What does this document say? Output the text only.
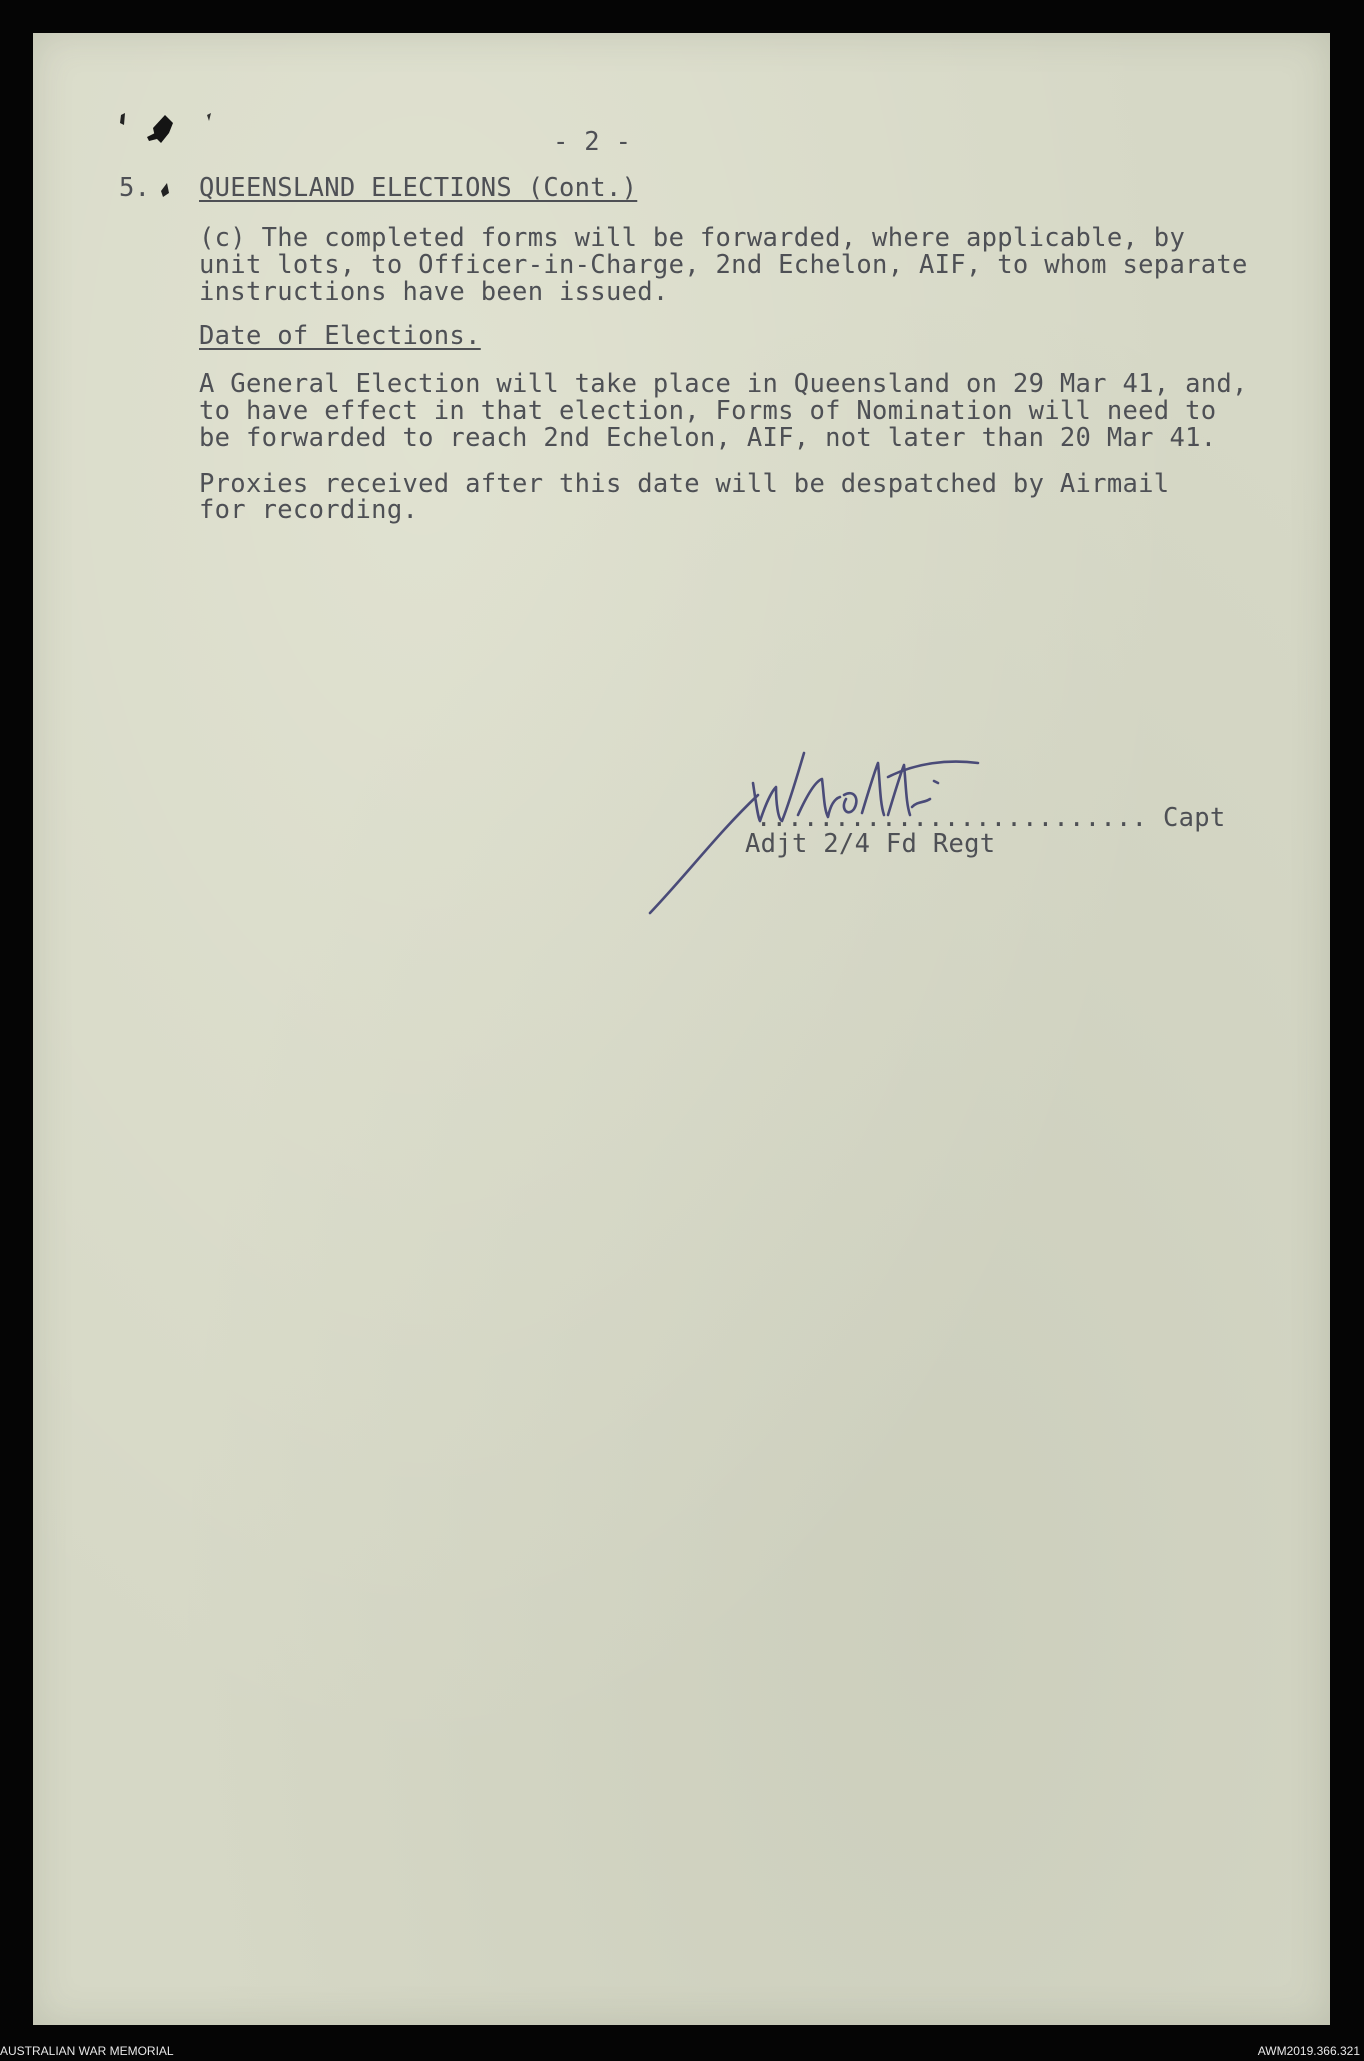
- 2 -
5. QUEENSLAND ELECTIONS (Cont.)
(c) The completed forms will be forwarded, where applicable, by
unit lots, to Officer-in-Charge, 2nd Echelon, AIF, to whom separate
instructions have been issued.
Date of Elections.
A General Election will take place in Queensland on 29 Mar 41, and,
to have effect in that election, Forms of Nomination will need to
be forwarded to reach 2nd Echelon, AIF, not later than 20 Mar 41.
Proxies received after this date will be despatched by Airmail
for recording.
......................... Capt
Adjt 2/4 Fd Regt
AUSTRALIAN WAR MEMORIAL	AWM2019.366.321
